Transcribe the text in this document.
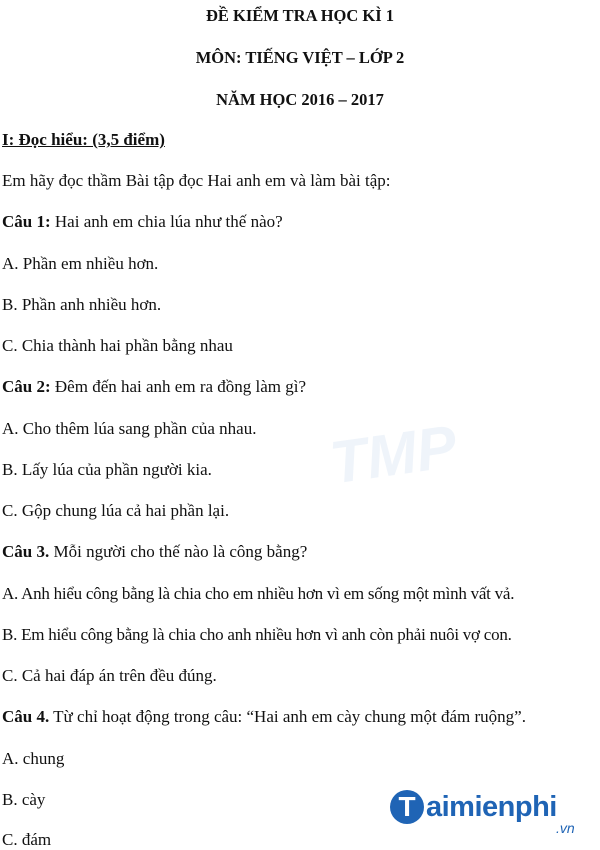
TMP
ĐỀ KIỂM TRA HỌC KÌ 1
MÔN: TIẾNG VIỆT – LỚP 2
NĂM HỌC 2016 – 2017
I: Đọc hiểu: (3,5 điểm)
Em hãy đọc thầm Bài tập đọc Hai anh em và làm bài tập:
Câu 1: Hai anh em chia lúa như thế nào?
A. Phần em nhiều hơn.
B. Phần anh nhiều hơn.
C. Chia thành hai phần bằng nhau
Câu 2: Đêm đến hai anh em ra đồng làm gì?
A. Cho thêm lúa sang phần của nhau.
B. Lấy lúa của phần người kia.
C. Gộp chung lúa cả hai phần lại.
Câu 3. Mỗi người cho thế nào là công bằng?
A. Anh hiểu công bằng là chia cho em nhiều hơn vì em sống một mình vất vả.
B. Em hiểu công bằng là chia cho anh nhiều hơn vì anh còn phải nuôi vợ con.
C. Cả hai đáp án trên đều đúng.
Câu 4. Từ chỉ hoạt động trong câu: “Hai anh em cày chung một đám ruộng”.
A. chung
B. cày
C. đám
T aimienphi
.vn
